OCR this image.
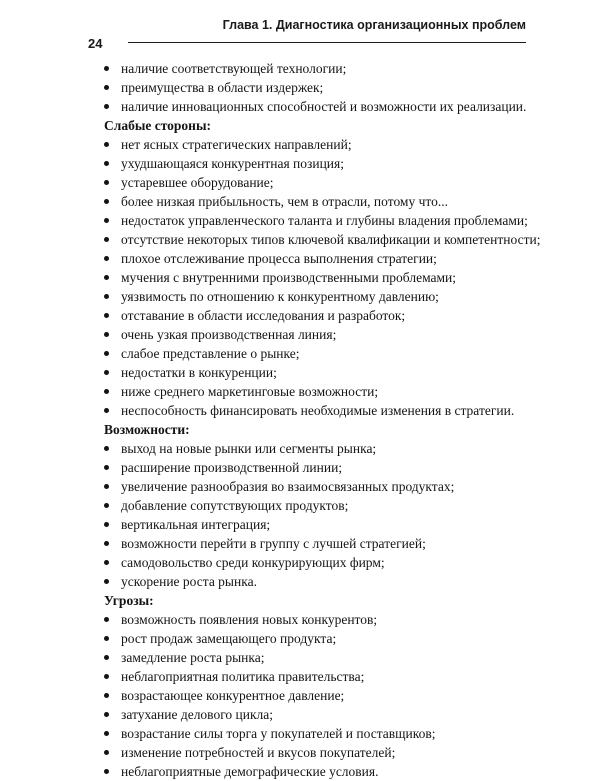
Глава 1. Диагностика организационных проблем
24
наличие соответствующей технологии;
преимущества в области издержек;
наличие инновационных способностей и возможности их реализации.
Слабые стороны:
нет ясных стратегических направлений;
ухудшающаяся конкурентная позиция;
устаревшее оборудование;
более низкая прибыльность, чем в отрасли, потому что...
недостаток управленческого таланта и глубины владения проблемами;
отсутствие некоторых типов ключевой квалификации и компетентности;
плохое отслеживание процесса выполнения стратегии;
мучения с внутренними производственными проблемами;
уязвимость по отношению к конкурентному давлению;
отставание в области исследования и разработок;
очень узкая производственная линия;
слабое представление о рынке;
недостатки в конкуренции;
ниже среднего маркетинговые возможности;
неспособность финансировать необходимые изменения в стратегии.
Возможности:
выход на новые рынки или сегменты рынка;
расширение производственной линии;
увеличение разнообразия во взаимосвязанных продуктах;
добавление сопутствующих продуктов;
вертикальная интеграция;
возможности перейти в группу с лучшей стратегией;
самодовольство среди конкурирующих фирм;
ускорение роста рынка.
Угрозы:
возможность появления новых конкурентов;
рост продаж замещающего продукта;
замедление роста рынка;
неблагоприятная политика правительства;
возрастающее конкурентное давление;
затухание делового цикла;
возрастание силы торга у покупателей и поставщиков;
изменение потребностей и вкусов покупателей;
неблагоприятные демографические условия.
